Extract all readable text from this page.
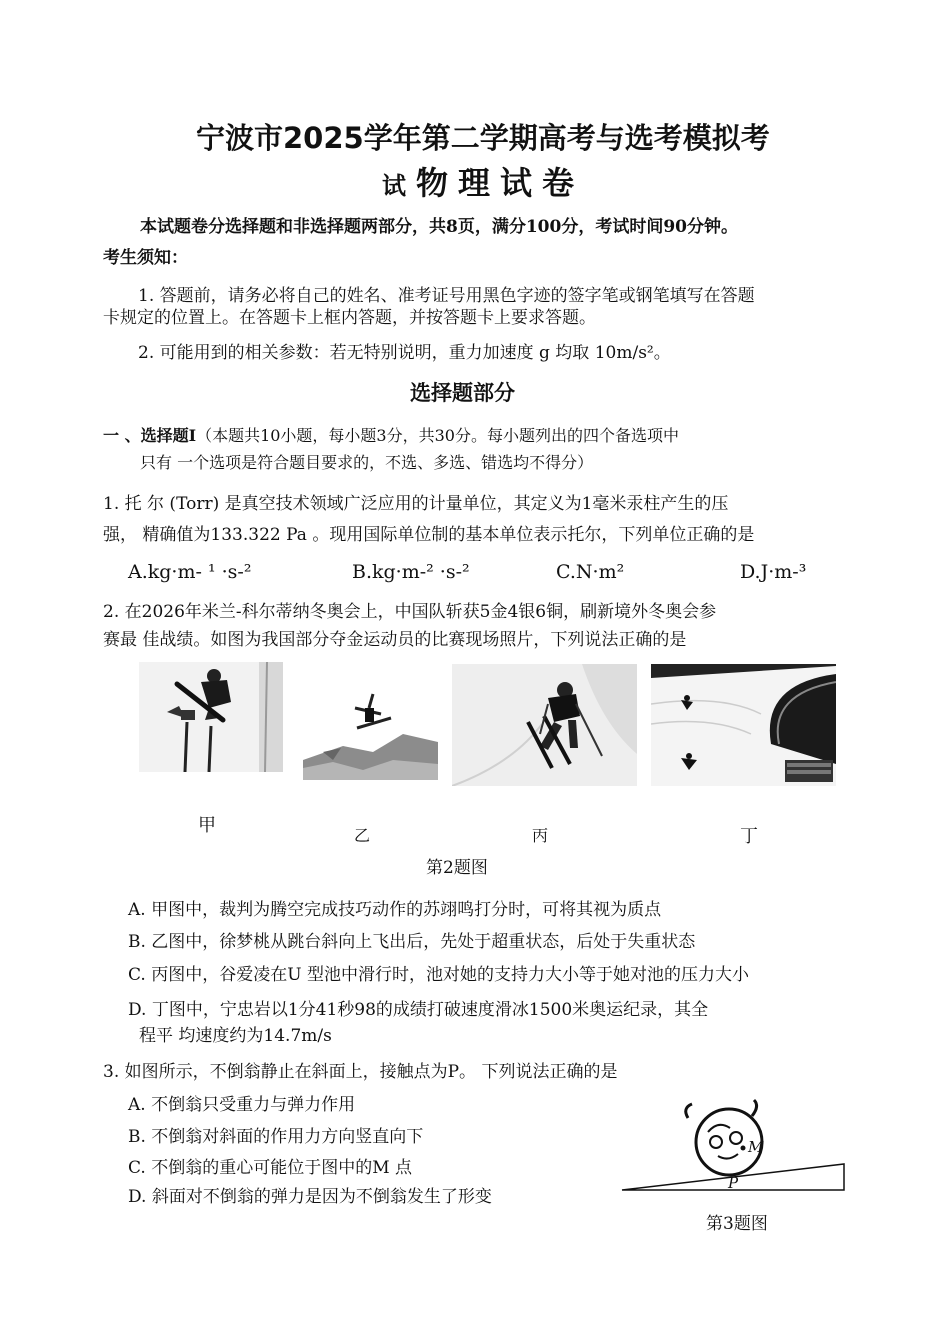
宁波市2025学年第二学期高考与选考模拟考
试 物理试卷
本试题卷分选择题和非选择题两部分，共8页，满分100分，考试时间90分钟。
考生须知：
1. 答题前，请务必将自己的姓名、准考证号用黑色字迹的签字笔或钢笔填写在答题
卡规定的位置上。在答题卡上框内答题，并按答题卡上要求答题。
2. 可能用到的相关参数：若无特别说明，重力加速度 g 均取 10m/s²。
选择题部分
一 、选择题Ⅰ（本题共10小题，每小题3分，共30分。每小题列出的四个备选项中
只有 一个选项是符合题目要求的，不选、多选、错选均不得分）
1. 托 尔 (Torr) 是真空技术领域广泛应用的计量单位，其定义为1毫米汞柱产生的压
强， 精确值为133.322 Pa 。现用国际单位制的基本单位表示托尔，下列单位正确的是
A.kg·m- ¹ ·s-²	B.kg·m-² ·s-²	C.N·m²	D.J·m-³
2. 在2026年米兰-科尔蒂纳冬奥会上，中国队斩获5金4银6铜，刷新境外冬奥会参
赛最 佳战绩。如图为我国部分夺金运动员的比赛现场照片，下列说法正确的是
甲	乙	丙	丁
第2题图
A. 甲图中，裁判为腾空完成技巧动作的苏翊鸣打分时，可将其视为质点
B. 乙图中，徐梦桃从跳台斜向上飞出后，先处于超重状态，后处于失重状态
C. 丙图中，谷爱凌在U 型池中滑行时，池对她的支持力大小等于她对池的压力大小
D. 丁图中，宁忠岩以1分41秒98的成绩打破速度滑冰1500米奥运纪录，其全
程平 均速度约为14.7m/s
3. 如图所示，不倒翁静止在斜面上，接触点为P。 下列说法正确的是
A. 不倒翁只受重力与弹力作用
B. 不倒翁对斜面的作用力方向竖直向下
C. 不倒翁的重心可能位于图中的M 点
D. 斜面对不倒翁的弹力是因为不倒翁发生了形变
M
P
第3题图
